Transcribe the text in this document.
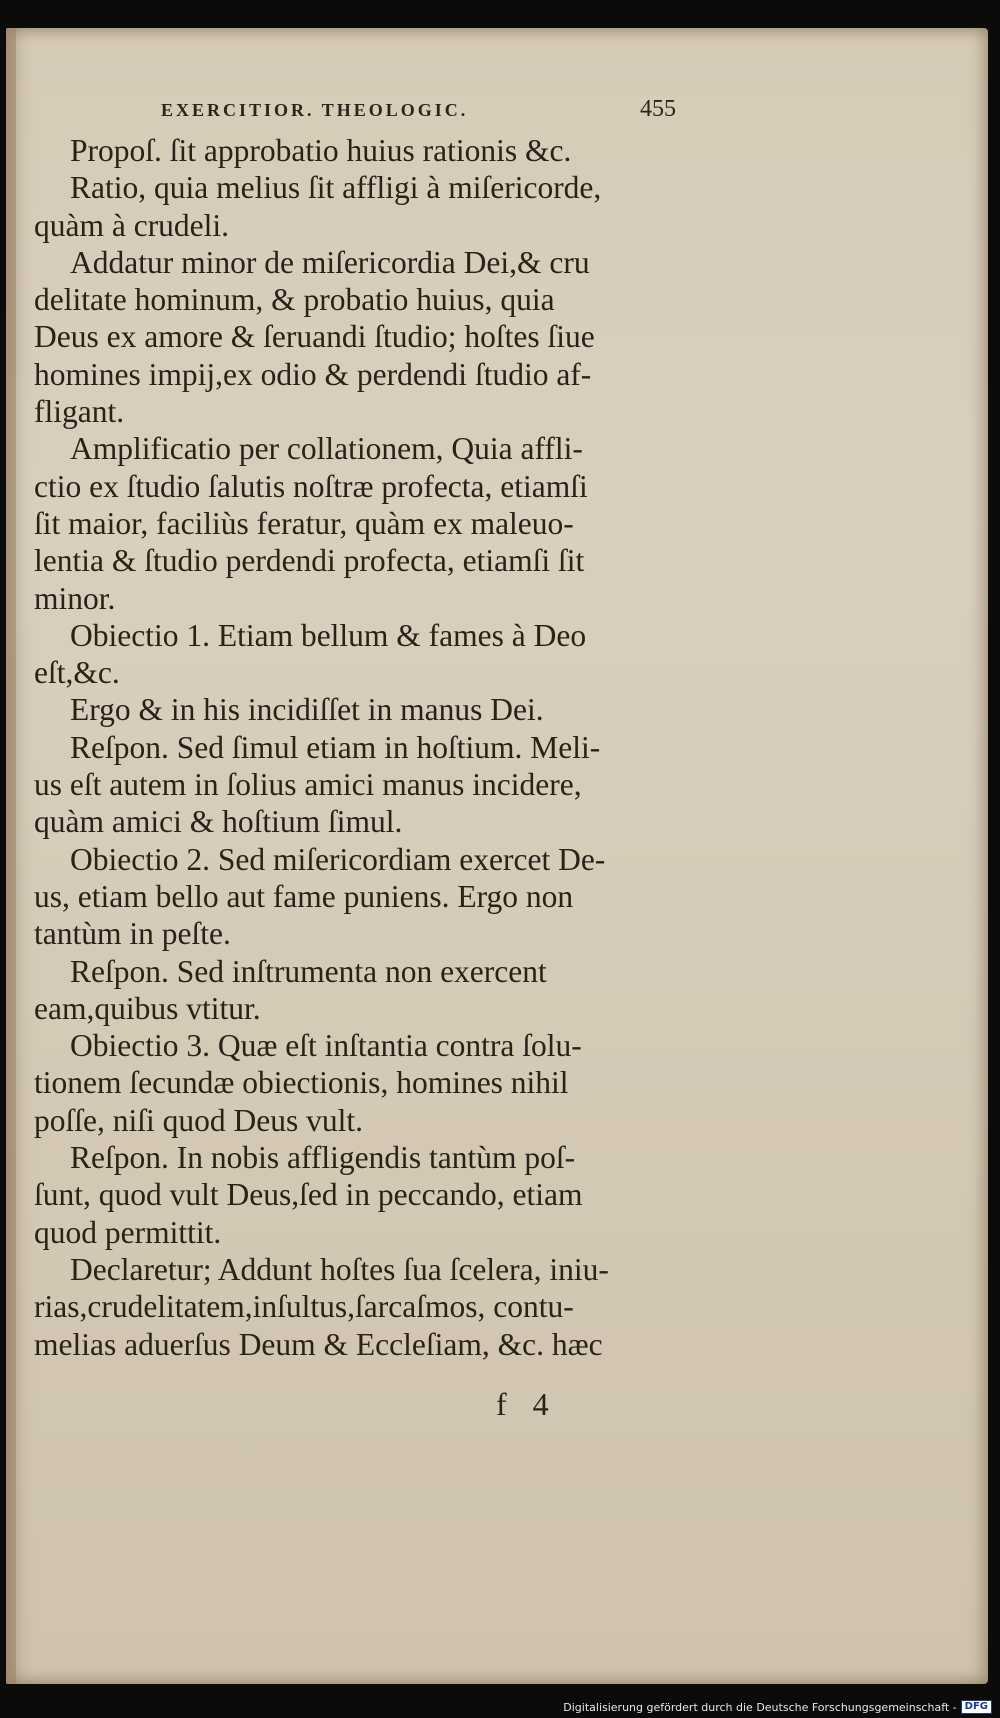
EXERCITIOR. THEOLOGIC.	455
Propoſ. ſit approbatio huius rationis &c.
Ratio, quia melius ſit affligi à miſericorde,
quàm à crudeli.
Addatur minor de miſericordia Dei,& cru
delitate hominum, & probatio huius, quia
Deus ex amore & ſeruandi ſtudio; hoſtes ſiue
homines impij,ex odio & perdendi ſtudio af-
fligant.
Amplificatio per collationem, Quia affli-
ctio ex ſtudio ſalutis noſtræ profecta, etiamſi
ſit maior, faciliùs feratur, quàm ex maleuo-
lentia & ſtudio perdendi profecta, etiamſi ſit
minor.
Obiectio 1. Etiam bellum & fames à Deo
eſt,&c.
Ergo & in his incidiſſet in manus Dei.
Reſpon. Sed ſimul etiam in hoſtium. Meli-
us eſt autem in ſolius amici manus incidere,
quàm amici & hoſtium ſimul.
Obiectio 2. Sed miſericordiam exercet De-
us, etiam bello aut fame puniens. Ergo non
tantùm in peſte.
Reſpon. Sed inſtrumenta non exercent
eam,quibus vtitur.
Obiectio 3. Quæ eſt inſtantia contra ſolu-
tionem ſecundæ obiectionis, homines nihil
poſſe, niſi quod Deus vult.
Reſpon. In nobis affligendis tantùm poſ-
ſunt, quod vult Deus,ſed in peccando, etiam
quod permittit.
Declaretur; Addunt hoſtes ſua ſcelera, iniu-
rias,crudelitatem,inſultus,ſarcaſmos, contu-
melias aduerſus Deum & Eccleſiam, &c. hæc
f 4
Digitalisierung gefördert durch die Deutsche Forschungsgemeinschaft - DFG
